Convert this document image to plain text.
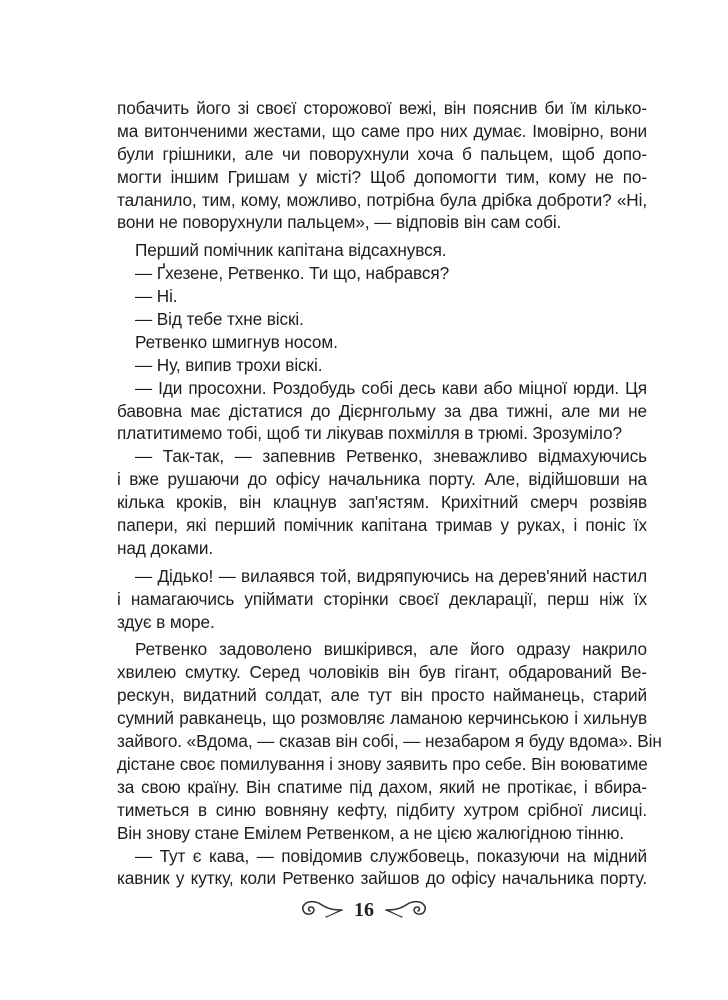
побачить його зі своєї сторожової вежі, він пояснив би їм кілько-
ма витонченими жестами, що саме про них думає. Імовірно, вони
були грішники, але чи поворухнули хоча б пальцем, щоб допо-
могти іншим Гришам у місті? Щоб допомогти тим, кому не по-
таланило, тим, кому, можливо, потрібна була дрібка доброти? «Ні,
вони не поворухнули пальцем», — відповів він сам собі.
Перший помічник капітана відсахнувся.
— Ґхезене, Ретвенко. Ти що, набрався?
— Ні.
— Від тебе тхне віскі.
Ретвенко шмигнув носом.
— Ну, випив трохи віскі.
— Іди просохни. Роздобудь собі десь кави або міцної юрди. Ця
бавовна має дістатися до Дієрнгольму за два тижні, але ми не
платитимемо тобі, щоб ти лікував похмілля в трюмі. Зрозуміло?
— Так-так, — запевнив Ретвенко, зневажливо відмахуючись
і вже рушаючи до офісу начальника порту. Але, відійшовши на
кілька кроків, він клацнув зап'ястям. Крихітний смерч розвіяв
папери, які перший помічник капітана тримав у руках, і поніс їх
над доками.
— Дідько! — вилаявся той, видряпуючись на дерев'яний настил
і намагаючись упіймати сторінки своєї декларації, перш ніж їх
здує в море.
Ретвенко задоволено вишкірився, але його одразу накрило
хвилею смутку. Серед чоловіків він був гігант, обдарований Ве-
рескун, видатний солдат, але тут він просто найманець, старий
сумний равканець, що розмовляє ламаною керчинською і хильнув
зайвого. «Вдома, — сказав він собі, — незабаром я буду вдома». Він
дістане своє помилування і знову заявить про себе. Він воюватиме
за свою країну. Він спатиме під дахом, який не протікає, і вбира-
тиметься в синю вовняну кефту, підбиту хутром срібної лисиці.
Він знову стане Емілем Ретвенком, а не цією жалюгідною тінню.
— Тут є кава, — повідомив службовець, показуючи на мідний
кавник у кутку, коли Ретвенко зайшов до офісу начальника порту.
16
